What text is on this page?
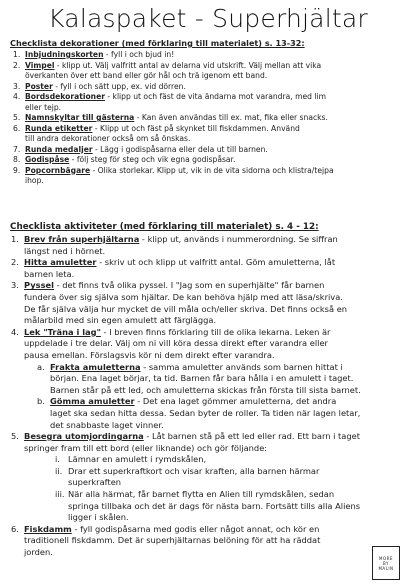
Kalaspaket - Superhjältar
Checklista dekorationer (med förklaring till materialet) s. 13-32:
1. Inbjudningskorten - fyll i och bjud in!
2. Vimpel - klipp ut. Välj valfritt antal av delarna vid utskrift. Välj mellan att vika
överkanten över ett band eller gör hål och trä igenom ett band.
3. Poster - fyll i och sätt upp, ex. vid dörren.
4. Bordsdekorationer - klipp ut och fäst de vita ändarna mot varandra, med lim
eller tejp.
5. Namnskyltar till gästerna - Kan även användas till ex. mat, fika eller snacks.
6. Runda etiketter - Klipp ut och fäst på skynket till fiskdammen. Använd
till andra dekorationer också om så önskas.
7. Runda medaljer - Lägg i godispåsarna eller dela ut till barnen.
8. Godispåse - följ steg för steg och vik egna godispåsar.
9. Popcornbägare - Olika storlekar. Klipp ut, vik in de vita sidorna och klistra/tejpa
ihop.
Checklista aktiviteter (med förklaring till materialet) s. 4 - 12:
1. Brev från superhjältarna - klipp ut, används i nummerordning. Se siffran
längst ned i hörnet.
2. Hitta amuletter - skriv ut och klipp ut valfritt antal. Göm amuletterna, låt
barnen leta.
3. Pyssel - det finns två olika pyssel. I "Jag som en superhjälte" får barnen
fundera över sig själva som hjältar. De kan behöva hjälp med att läsa/skriva.
De får själva välja hur mycket de vill måla och/eller skriva. Det finns också en
målarbild med sin egen amulett att färglägga.
4. Lek "Träna i lag" - I breven finns förklaring till de olika lekarna. Leken är
uppdelade i tre delar. Välj om ni vill köra dessa direkt efter varandra eller
pausa emellan. Förslagsvis kör ni dem direkt efter varandra.
a. Frakta amuletterna - samma amuletter används som barnen hittat i
början. Ena laget börjar, ta tid. Barnen får bara hålla i en amulett i taget.
Barnen står på ett led, och amuletterna skickas från första till sista barnet.
b. Gömma amuletter - Det ena laget gömmer amuletterna, det andra
laget ska sedan hitta dessa. Sedan byter de roller. Ta tiden när lagen letar,
det snabbaste laget vinner.
5. Besegra utomjordingarna - Låt barnen stå på ett led eller rad. Ett barn i taget
springer fram till ett bord (eller liknande) och gör följande:
i. Lämnar en amulett i rymdskålen,
ii. Drar ett superkraftkort och visar kraften, alla barnen härmar
superkraften
iii. När alla härmat, får barnet flytta en Alien till rymdskålen, sedan
springa tillbaka och det är dags för nästa barn. Fortsätt tills alla Aliens
ligger i skålen.
6. Fiskdamm - fyll godispåsarna med godis eller något annat, och kör en
traditionell fiskdamm. Det är superhjältarnas belöning för att ha räddat
jorden.
MORE
BY
MALIN
